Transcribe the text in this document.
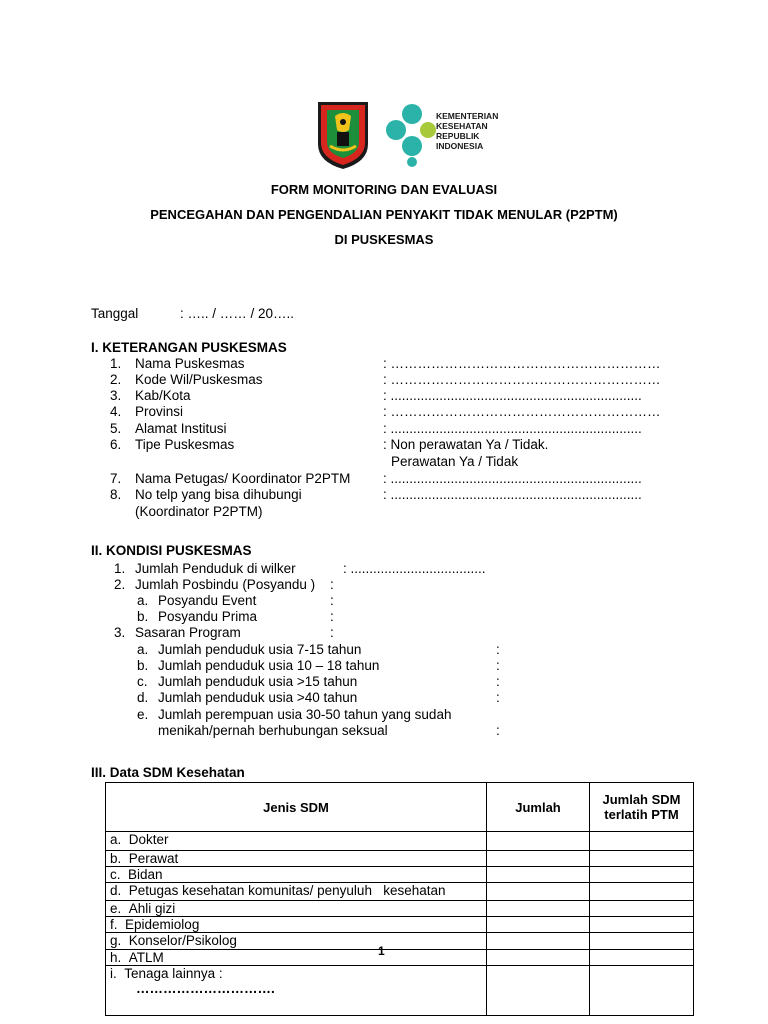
KEMENTERIAN
KESEHATAN
REPUBLIK
INDONESIA
FORM MONITORING DAN EVALUASI
PENCEGAHAN DAN PENGENDALIAN PENYAKIT TIDAK MENULAR (P2PTM)
DI PUSKESMAS
Tanggal	: ….. / …… / 20…..
I. KETERANGAN PUSKESMAS
1. Nama Puskesmas	: ……………………………………………………
2. Kode Wil/Puskesmas	: ……………………………………………………
3. Kab/Kota	: ...................................................................
4. Provinsi	: ……………………………………………………
5. Alamat Institusi	: ...................................................................
6. Tipe Puskesmas	: Non perawatan Ya / Tidak.
Perawatan Ya / Tidak
7. Nama Petugas/ Koordinator P2PTM : ...................................................................
8. No telp yang bisa dihubungi
(Koordinator P2PTM)
: ...................................................................
II. KONDISI PUSKESMAS
1. Jumlah Penduduk di wilker	: ....................................
2. Jumlah Posbindu (Posyandu ) :
a. Posyandu Event	:
b. Posyandu Prima	:
3. Sasaran Program	:
a. Jumlah penduduk usia 7-15 tahun	:
b. Jumlah penduduk usia 10 – 18 tahun	:
c. Jumlah penduduk usia >15 tahun	:
d. Jumlah penduduk usia >40 tahun	:
e. Jumlah perempuan usia 30-50 tahun yang sudah
menikah/pernah berhubungan seksual	:
III. Data SDM Kesehatan
Jenis SDM	Jumlah	Jumlah SDM terlatih PTM
a. Dokter		
b. Perawat		
c. Bidan		
d. Petugas kesehatan komunitas/ penyuluh   kesehatan		
e. Ahli gizi		
f. Epidemiolog		
g. Konselor/Psikolog		
h. ATLM		
i. Tenaga lainnya :
………………………….		
1
